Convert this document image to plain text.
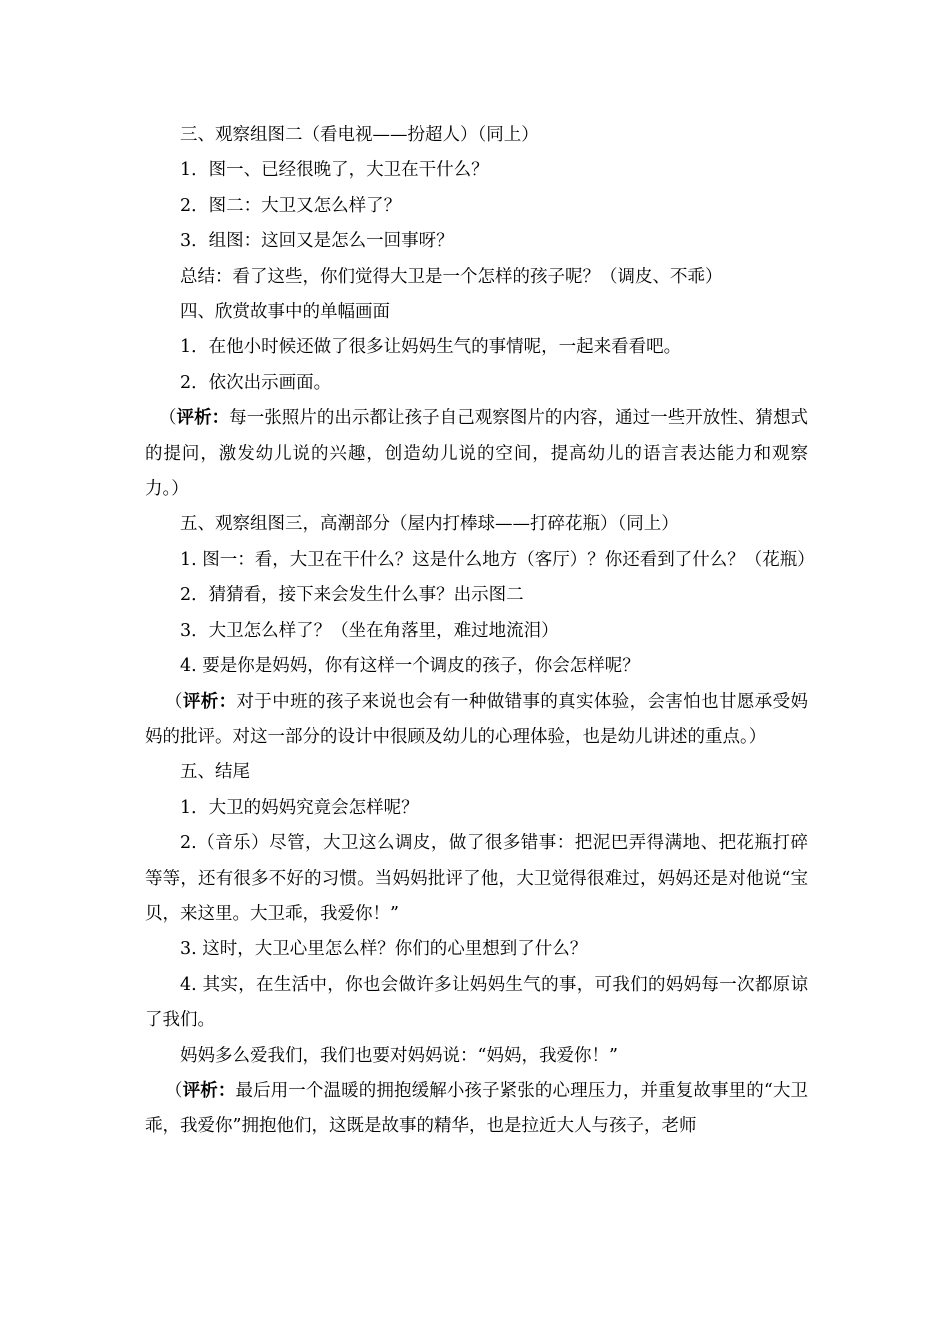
三、观察组图二（看电视——扮超人）（同上）

1．图一、已经很晚了，大卫在干什么？

2．图二：大卫又怎么样了？

3．组图：这回又是怎么一回事呀？

总结：看了这些，你们觉得大卫是一个怎样的孩子呢？（调皮、不乖）

四、欣赏故事中的单幅画面

1．在他小时候还做了很多让妈妈生气的事情呢，一起来看看吧。

2．依次出示画面。

（评析：每一张照片的出示都让孩子自己观察图片的内容，通过一些开放性、猜想式的提问，激发幼儿说的兴趣，创造幼儿说的空间，提高幼儿的语言表达能力和观察力。）

五、观察组图三，高潮部分（屋内打棒球——打碎花瓶）（同上）

1. 图一：看，大卫在干什么？这是什么地方（客厅）？你还看到了什么？（花瓶）

2．猜猜看，接下来会发生什么事？出示图二

3．大卫怎么样了？（坐在角落里，难过地流泪）

4. 要是你是妈妈，你有这样一个调皮的孩子，你会怎样呢？

（评析：对于中班的孩子来说也会有一种做错事的真实体验，会害怕也甘愿承受妈妈的批评。对这一部分的设计中很顾及幼儿的心理体验，也是幼儿讲述的重点。）

五、结尾

1．大卫的妈妈究竟会怎样呢？

2.（音乐）尽管，大卫这么调皮，做了很多错事：把泥巴弄得满地、把花瓶打碎等等，还有很多不好的习惯。当妈妈批评了他，大卫觉得很难过，妈妈还是对他说“宝贝，来这里。大卫乖，我爱你！”

3. 这时，大卫心里怎么样？你们的心里想到了什么？

4. 其实，在生活中，你也会做许多让妈妈生气的事，可我们的妈妈每一次都原谅了我们。

妈妈多么爱我们，我们也要对妈妈说：“妈妈，我爱你！”

（评析：最后用一个温暖的拥抱缓解小孩子紧张的心理压力，并重复故事里的“大卫乖，我爱你”拥抱他们，这既是故事的精华，也是拉近大人与孩子，老师
